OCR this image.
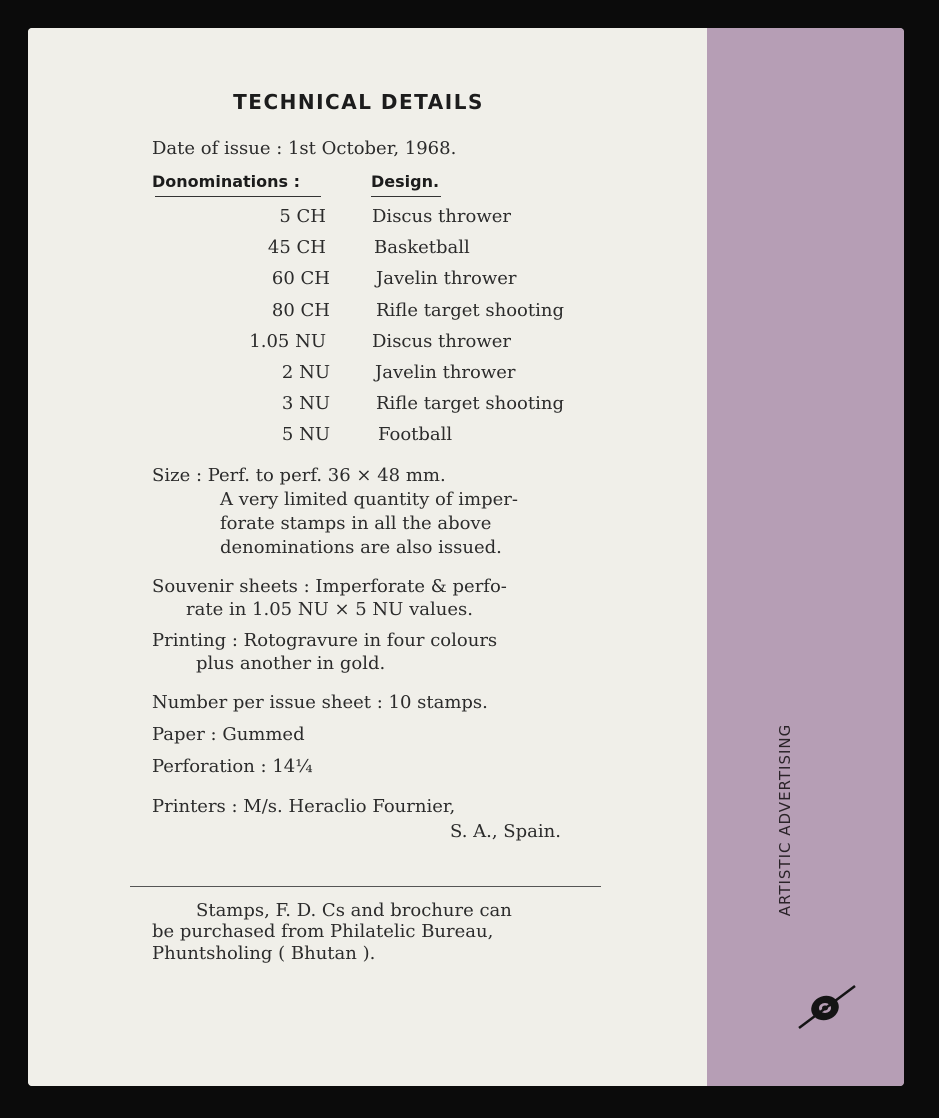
ARTISTIC ADVERTISING
TECHNICAL DETAILS
Date of issue : 1st October, 1968.
Donominations :	Design.
5 CH	Discus thrower
45 CH	Basketball
60 CH	Javelin thrower
80 CH	Rifle target shooting
1.05 NU	Discus thrower
2 NU	Javelin thrower
3 NU	Rifle target shooting
5 NU	Football
Size : Perf. to perf. 36 × 48 mm.
A very limited quantity of imper-
forate stamps in all the above
denominations are also issued.
Souvenir sheets : Imperforate & perfo-
rate in 1.05 NU × 5 NU values.
Printing : Rotogravure in four colours
plus another in gold.
Number per issue sheet : 10 stamps.
Paper : Gummed
Perforation : 14¼
Printers : M/s. Heraclio Fournier,
S. A., Spain.
Stamps, F. D. Cs and brochure can
be purchased from Philatelic Bureau,
Phuntsholing ( Bhutan ).
